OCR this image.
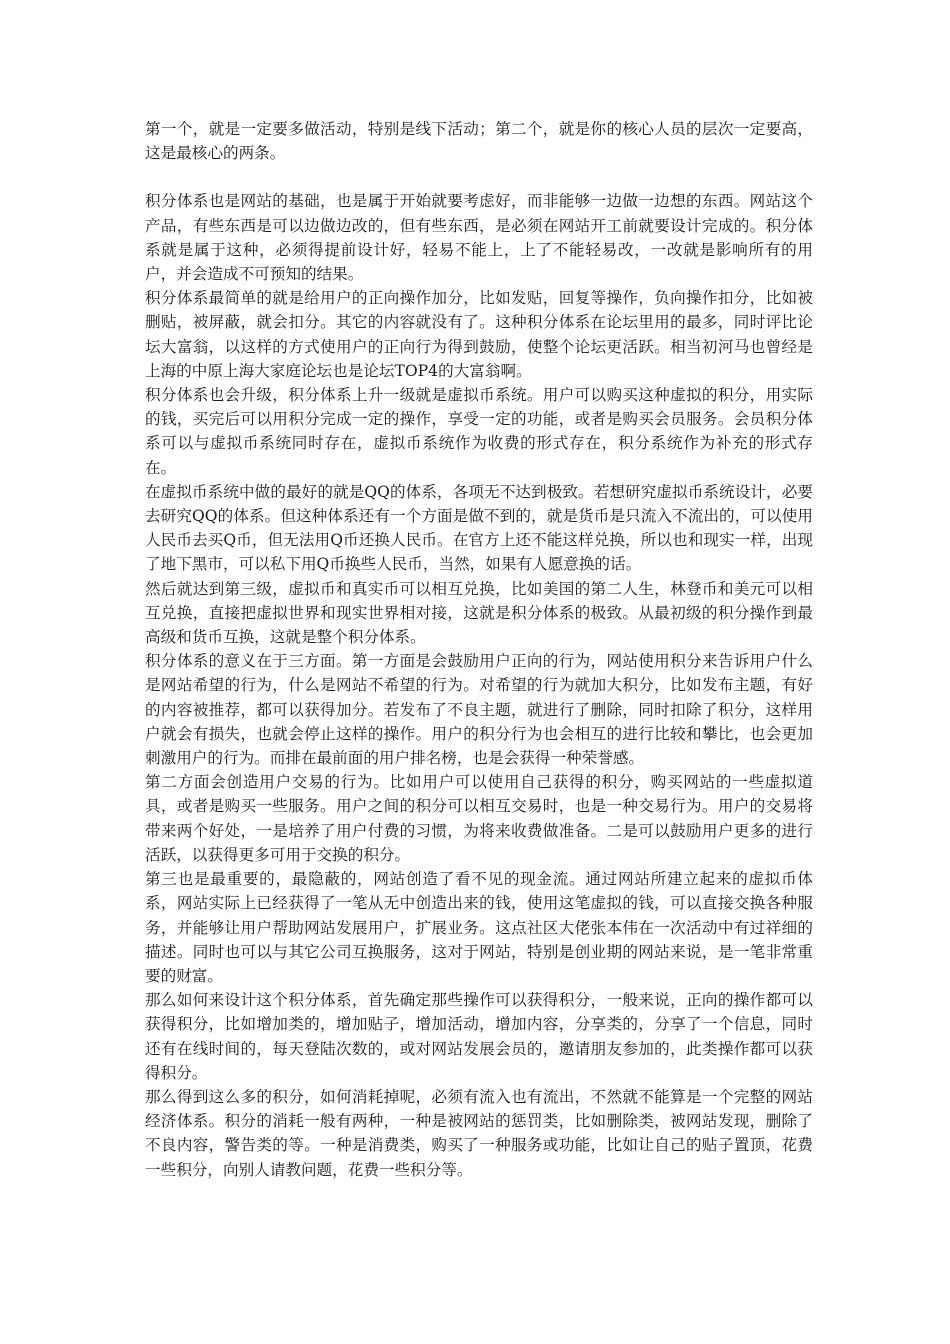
第一个，就是一定要多做活动，特别是线下活动；第二个，就是你的核心人员的层次一定要高，这是最核心的两条。

积分体系也是网站的基础，也是属于开始就要考虑好，而非能够一边做一边想的东西。网站这个产品，有些东西是可以边做边改的，但有些东西，是必须在网站开工前就要设计完成的。积分体系就是属于这种，必须得提前设计好，轻易不能上，上了不能轻易改，一改就是影响所有的用户，并会造成不可预知的结果。

积分体系最简单的就是给用户的正向操作加分，比如发贴，回复等操作，负向操作扣分，比如被删贴，被屏蔽，就会扣分。其它的内容就没有了。这种积分体系在论坛里用的最多，同时评比论坛大富翁，以这样的方式使用户的正向行为得到鼓励，使整个论坛更活跃。相当初河马也曾经是上海的中原上海大家庭论坛也是论坛TOP4的大富翁啊。

积分体系也会升级，积分体系上升一级就是虚拟币系统。用户可以购买这种虚拟的积分，用实际的钱，买完后可以用积分完成一定的操作，享受一定的功能，或者是购买会员服务。会员积分体系可以与虚拟币系统同时存在，虚拟币系统作为收费的形式存在，积分系统作为补充的形式存在。

在虚拟币系统中做的最好的就是QQ的体系，各项无不达到极致。若想研究虚拟币系统设计，必要去研究QQ的体系。但这种体系还有一个方面是做不到的，就是货币是只流入不流出的，可以使用人民币去买Q币，但无法用Q币还换人民币。在官方上还不能这样兑换，所以也和现实一样，出现了地下黑市，可以私下用Q币换些人民币，当然，如果有人愿意换的话。

然后就达到第三级，虚拟币和真实币可以相互兑换，比如美国的第二人生，林登币和美元可以相互兑换，直接把虚拟世界和现实世界相对接，这就是积分体系的极致。从最初级的积分操作到最高级和货币互换，这就是整个积分体系。

积分体系的意义在于三方面。第一方面是会鼓励用户正向的行为，网站使用积分来告诉用户什么是网站希望的行为，什么是网站不希望的行为。对希望的行为就加大积分，比如发布主题，有好的内容被推荐，都可以获得加分。若发布了不良主题，就进行了删除，同时扣除了积分，这样用户就会有损失，也就会停止这样的操作。用户的积分行为也会相互的进行比较和攀比，也会更加刺激用户的行为。而排在最前面的用户排名榜，也是会获得一种荣誉感。

第二方面会创造用户交易的行为。比如用户可以使用自己获得的积分，购买网站的一些虚拟道具，或者是购买一些服务。用户之间的积分可以相互交易时，也是一种交易行为。用户的交易将带来两个好处，一是培养了用户付费的习惯，为将来收费做准备。二是可以鼓励用户更多的进行活跃，以获得更多可用于交换的积分。

第三也是最重要的，最隐蔽的，网站创造了看不见的现金流。通过网站所建立起来的虚拟币体系，网站实际上已经获得了一笔从无中创造出来的钱，使用这笔虚拟的钱，可以直接交换各种服务，并能够让用户帮助网站发展用户，扩展业务。这点社区大佬张本伟在一次活动中有过祥细的描述。同时也可以与其它公司互换服务，这对于网站，特别是创业期的网站来说，是一笔非常重要的财富。

那么如何来设计这个积分体系，首先确定那些操作可以获得积分，一般来说，正向的操作都可以获得积分，比如增加类的，增加贴子，增加活动，增加内容，分享类的，分享了一个信息，同时还有在线时间的，每天登陆次数的，或对网站发展会员的，邀请朋友参加的，此类操作都可以获得积分。

那么得到这么多的积分，如何消耗掉呢，必须有流入也有流出，不然就不能算是一个完整的网站经济体系。积分的消耗一般有两种，一种是被网站的惩罚类，比如删除类，被网站发现，删除了不良内容，警告类的等。一种是消费类，购买了一种服务或功能，比如让自己的贴子置顶，花费一些积分，向别人请教问题，花费一些积分等。
